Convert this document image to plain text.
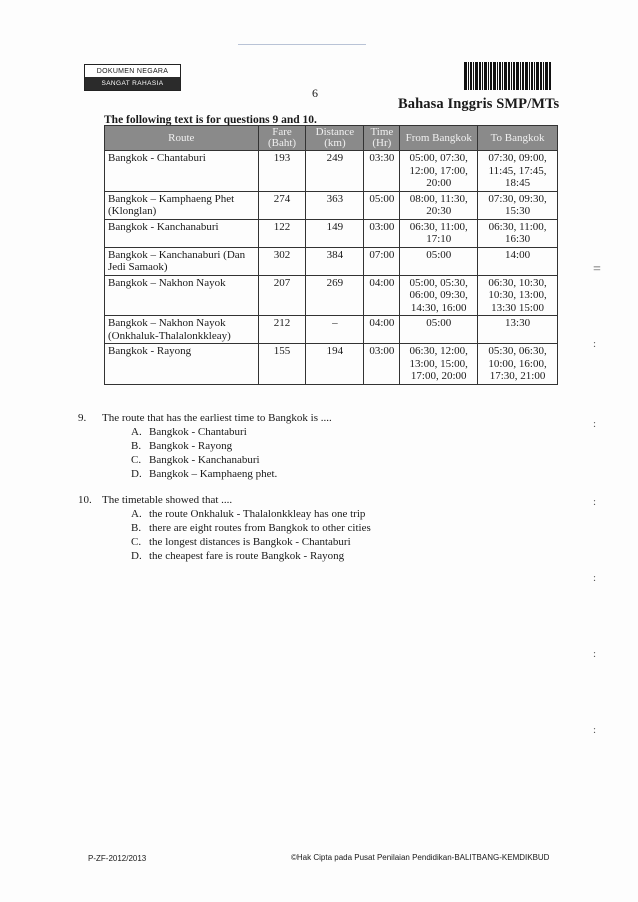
DOKUMEN NEGARA
SANGAT RAHASIA
6
Bahasa Inggris SMP/MTs
The following text is for questions 9 and 10.
Route	Fare (Baht)	Distance (km)	Time (Hr)	From Bangkok	To Bangkok
Bangkok - Chantaburi	193	249	03:30	05:00, 07:30, 12:00, 17:00, 20:00	07:30, 09:00, 11:45, 17:45, 18:45
Bangkok – Kamphaeng Phet (Klonglan)	274	363	05:00	08:00, 11:30, 20:30	07:30, 09:30, 15:30
Bangkok - Kanchanaburi	122	149	03:00	06:30, 11:00, 17:10	06:30, 11:00, 16:30
Bangkok – Kanchanaburi (Dan Jedi Samaok)	302	384	07:00	05:00	14:00
Bangkok – Nakhon Nayok	207	269	04:00	05:00, 05:30, 06:00, 09:30, 14:30, 16:00	06:30, 10:30, 10:30, 13:00, 13:30 15:00
Bangkok – Nakhon Nayok (Onkhaluk-Thalalonkkleay)	212	–	04:00	05:00	13:30
Bangkok - Rayong	155	194	03:00	06:30, 12:00, 13:00, 15:00, 17:00, 20:00	05:30, 06:30, 10:00, 16:00, 17:30, 21:00
9. The route that has the earliest time to Bangkok is ....
A. Bangkok - Chantaburi
B. Bangkok - Rayong
C. Bangkok - Kanchanaburi
D. Bangkok – Kamphaeng phet.
10. The timetable showed that ....
A. the route Onkhaluk - Thalalonkkleay has one trip
B. there are eight routes from Bangkok to other cities
C. the longest distances is Bangkok - Chantaburi
D. the cheapest fare is route Bangkok - Rayong
=
:
:
:
:
:
:
P-ZF-2012/2013	©Hak Cipta pada Pusat Penilaian Pendidikan-BALITBANG-KEMDIKBUD
